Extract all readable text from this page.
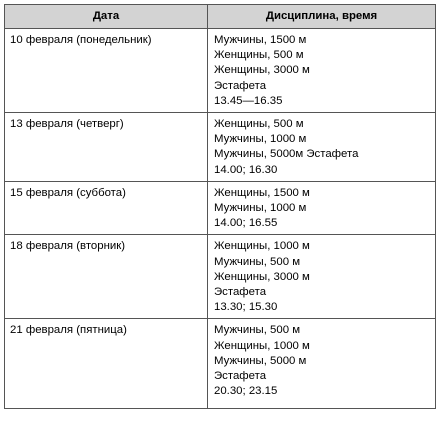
Дата	Дисциплина, время
10 февраля (понедельник)	Мужчины, 1500 м
Женщины, 500 м
Женщины, 3000 м
Эстафета
13.45—16.35

13 февраля (четверг)	Женщины, 500 м
Мужчины, 1000 м
Мужчины, 5000м Эстафета
14.00; 16.30

15 февраля (суббота)	Женщины, 1500 м
Мужчины, 1000 м
14.00; 16.55

18 февраля (вторник)	Женщины, 1000 м
Мужчины, 500 м
Женщины, 3000 м
Эстафета
13.30; 15.30

21 февраля (пятница)	Мужчины, 500 м
Женщины, 1000 м
Мужчины, 5000 м
Эстафета
20.30; 23.15
